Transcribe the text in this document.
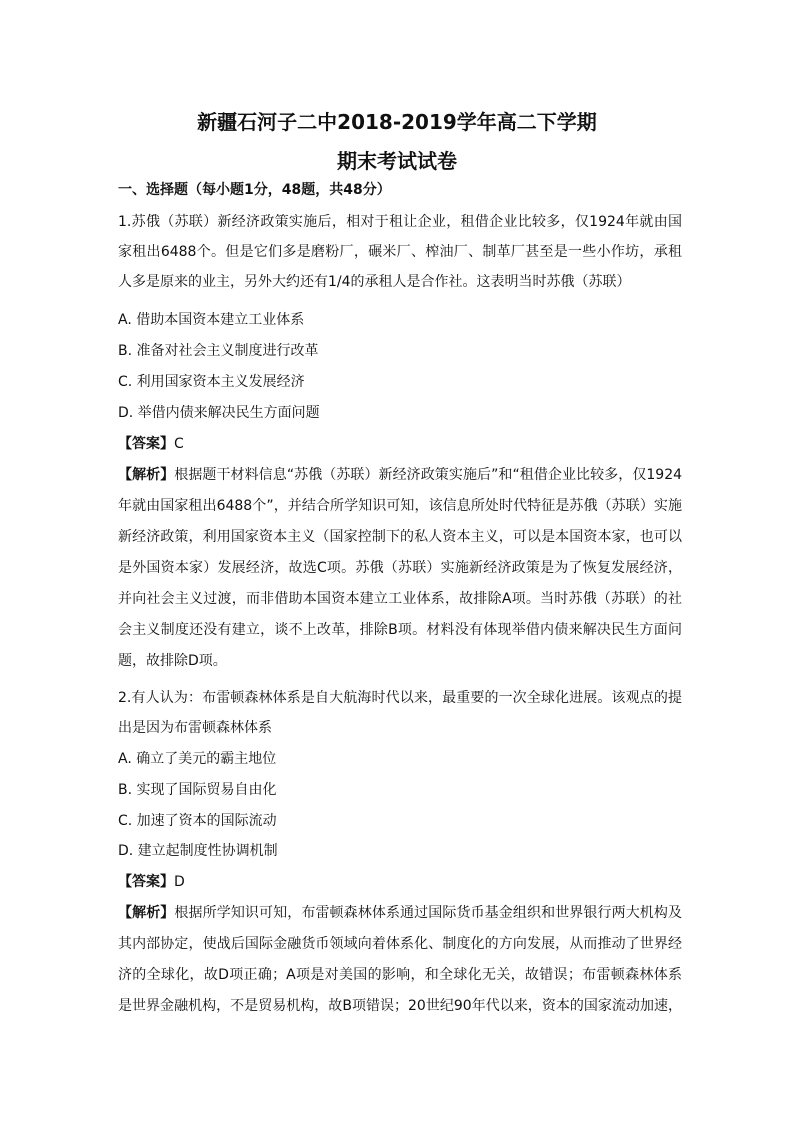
新疆石河子二中2018-2019学年高二下学期
期末考试试卷
一、选择题（每小题1分，48题，共48分）
1.苏俄（苏联）新经济政策实施后，相对于租让企业，租借企业比较多，仅1924年就由国
家租出6488个。但是它们多是磨粉厂，碾米厂、榨油厂、制革厂甚至是一些小作坊，承租
人多是原来的业主，另外大约还有1/4的承租人是合作社。这表明当时苏俄（苏联）
A. 借助本国资本建立工业体系
B. 准备对社会主义制度进行改革
C. 利用国家资本主义发展经济
D. 举借内债来解决民生方面问题
【答案】C
【解析】根据题干材料信息“苏俄（苏联）新经济政策实施后”和“租借企业比较多，仅1924
年就由国家租出6488个”，并结合所学知识可知，该信息所处时代特征是苏俄（苏联）实施
新经济政策，利用国家资本主义（国家控制下的私人资本主义，可以是本国资本家，也可以
是外国资本家）发展经济，故选C项。苏俄（苏联）实施新经济政策是为了恢复发展经济，
并向社会主义过渡，而非借助本国资本建立工业体系，故排除A项。当时苏俄（苏联）的社
会主义制度还没有建立，谈不上改革，排除B项。材料没有体现举借内债来解决民生方面问
题，故排除D项。
2.有人认为：布雷顿森林体系是自大航海时代以来，最重要的一次全球化进展。该观点的提
出是因为布雷顿森林体系
A. 确立了美元的霸主地位
B. 实现了国际贸易自由化
C. 加速了资本的国际流动
D. 建立起制度性协调机制
【答案】D
【解析】根据所学知识可知，布雷顿森林体系通过国际货币基金组织和世界银行两大机构及
其内部协定，使战后国际金融货币领域向着体系化、制度化的方向发展，从而推动了世界经
济的全球化，故D项正确；A项是对美国的影响，和全球化无关，故错误；布雷顿森林体系
是世界金融机构，不是贸易机构，故B项错误；20世纪90年代以来，资本的国家流动加速，
